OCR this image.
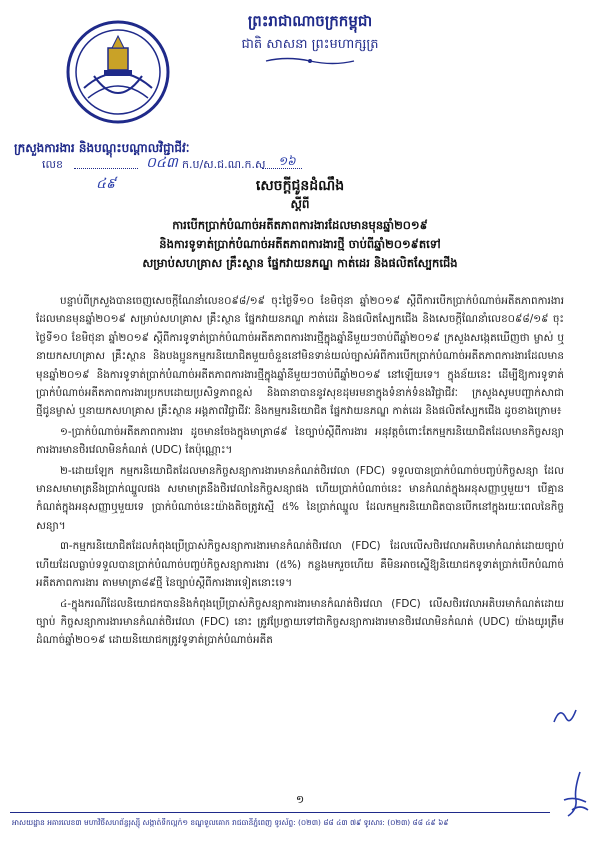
ព្រះរាជាណាចក្រកម្ពុជា
ជាតិ សាសនា ព្រះមហាក្សត្រ
ក្រសួងការងារ និងបណ្តុះបណ្តាលវិជ្ជាជីវៈ
លេខ	០៤៣ ក.ប/ស.ជ.ណ.ក.ស ១៦
៤៩	សេចក្តីជូនដំណឹង
ស្តីពី
ការបើកប្រាក់បំណាច់អតីតភាពការងារដែលមានមុនឆ្នាំ២០១៩
និងការទូទាត់ប្រាក់បំណាច់អតីតភាពការងារថ្មី ចាប់ពីឆ្នាំ២០១៩តទៅ
សម្រាប់សហគ្រាស គ្រឹះស្ថាន ផ្នែកវាយនភណ្ឌ កាត់ដេរ និងផលិតស្បែកជើង

បន្ទាប់ពីក្រសួងបានចេញសេចក្តីណែនាំលេខ០៩៨/១៩ ចុះថ្ងៃទី១០ ខែមិថុនា ឆ្នាំ២០១៩ ស្តីពីការបើកប្រាក់បំណាច់អតីតភាពការងារដែលមានមុនឆ្នាំ២០១៩ សម្រាប់សហគ្រាស គ្រឹះស្ថាន ផ្នែកវាយនភណ្ឌ កាត់ដេរ និងផលិតស្បែកជើង និងសេចក្តីណែនាំលេខ០៩៨/១៩ ចុះថ្ងៃទី១០ ខែមិថុនា ឆ្នាំ២០១៩ ស្តីពីការទូទាត់ប្រាក់បំណាច់អតីតភាពការងារថ្មីក្នុងឆ្នាំនីមួយៗចាប់ពីឆ្នាំ២០១៩ ក្រសួងសង្កេតឃើញថា ម្ចាស់ ឬនាយកសហគ្រាស គ្រឹះស្ថាន និងបងប្អូនកម្មករនិយោជិតមួយចំនួននៅមិនទាន់យល់ច្បាស់អំពីការបើកប្រាក់បំណាច់អតីតភាពការងារដែលមានមុនឆ្នាំ២០១៩ និងការទូទាត់ប្រាក់បំណាច់អតីតភាពការងារថ្មីក្នុងឆ្នាំនីមួយៗចាប់ពីឆ្នាំ២០១៩ នៅឡើយទេ។ ក្នុងន័យនេះ ដើម្បីឱ្យការទូទាត់ប្រាក់បំណាច់អតីតភាពការងារប្រកបដោយប្រសិទ្ធភាពខ្ពស់ និងធានាបាននូវសុខដុមរមនាក្នុងទំនាក់ទំនងវិជ្ជាជីវៈ ក្រសួងសូមបញ្ជាក់សាជាថ្មីជូនម្ចាស់ ឬនាយកសហគ្រាស គ្រឹះស្ថាន អង្គភាពវិជ្ជាជីវៈ និងកម្មករនិយោជិត ផ្នែកវាយនភណ្ឌ កាត់ដេរ និងផលិតស្បែកជើង ដូចខាងក្រោម៖

១-ប្រាក់បំណាច់អតីតភាពការងារ ដូចមានចែងក្នុងមាត្រា៨៩ នៃច្បាប់ស្តីពីការងារ អនុវត្តចំពោះតែកម្មករនិយោជិតដែលមានកិច្ចសន្យាការងារមានថិរវេលាមិនកំណត់ (UDC) តែប៉ុណ្ណោះ។

២-ដោយឡែក កម្មករនិយោជិតដែលមានកិច្ចសន្យាការងារមានកំណត់ថិរវេលា (FDC) ទទួលបានប្រាក់បំណាច់បញ្ចប់កិច្ចសន្យា ដែលមានសមាមាត្រនឹងប្រាក់ឈ្នួលផង សមាមាត្រនឹងថិរវេលានៃកិច្ចសន្យាផង ហើយប្រាក់បំណាច់នេះ មានកំណត់ក្នុងអនុសញ្ញាឬមួយ។ បើគ្មានកំណត់ក្នុងអនុសញ្ញាឬមួយទេ ប្រាក់បំណាច់នេះយ៉ាងតិចត្រូវស្មើ ៥% នៃប្រាក់ឈ្នួល ដែលកម្មករនិយោជិតបានបើកនៅក្នុងរយៈពេលនៃកិច្ចសន្យា។

៣-កម្មករនិយោជិតដែលកំពុងប្រើប្រាស់កិច្ចសន្យាការងារមានកំណត់ថិរវេលា (FDC) ដែលលើសថិរវេលាអតិបរមាកំណត់ដោយច្បាប់ ហើយដែលធ្លាប់ទទួលបានប្រាក់បំណាច់បញ្ចប់កិច្ចសន្យាការងារ (៥%) កន្លងមករួចហើយ គឺមិនអាចស្នើឱ្យនិយោជកទូទាត់ប្រាក់បើកបំណាច់អតីតភាពការងារ តាមមាត្រា៨៩ថ្មី នៃច្បាប់ស្តីពីការងារទៀតនោះទេ។

៤-ក្នុងករណីដែលនិយោជកបាននិងកំពុងប្រើប្រាស់កិច្ចសន្យាការងារមានកំណត់ថិរវេលា (FDC) លើសថិរវេលាអតិបរមាកំណត់ដោយច្បាប់ កិច្ចសន្យាការងារមានកំណត់ថិរវេលា (FDC) នោះ ត្រូវប្រែក្លាយទៅជាកិច្ចសន្យាការងារមានថិរវេលាមិនកំណត់ (UDC) យ៉ាងយូរត្រឹមដំណាច់ឆ្នាំ២០១៩ ដោយនិយោជកត្រូវទូទាត់ប្រាក់បំណាច់អតីត

១
អាសយដ្ឋាន អគារលេខ៣ មហាវិថីសហព័ន្ធរុស្ស៊ី សង្កាត់ទឹកល្អក់១ ខណ្ឌទួលគោក រាជធានីភ្នំពេញ ទូរស័ព្ទ: (០២៣) ៨៨ ៤៣ ៧៩ ទូរសារ: (០២៣) ៨៨ ៤៩ ៦៩
